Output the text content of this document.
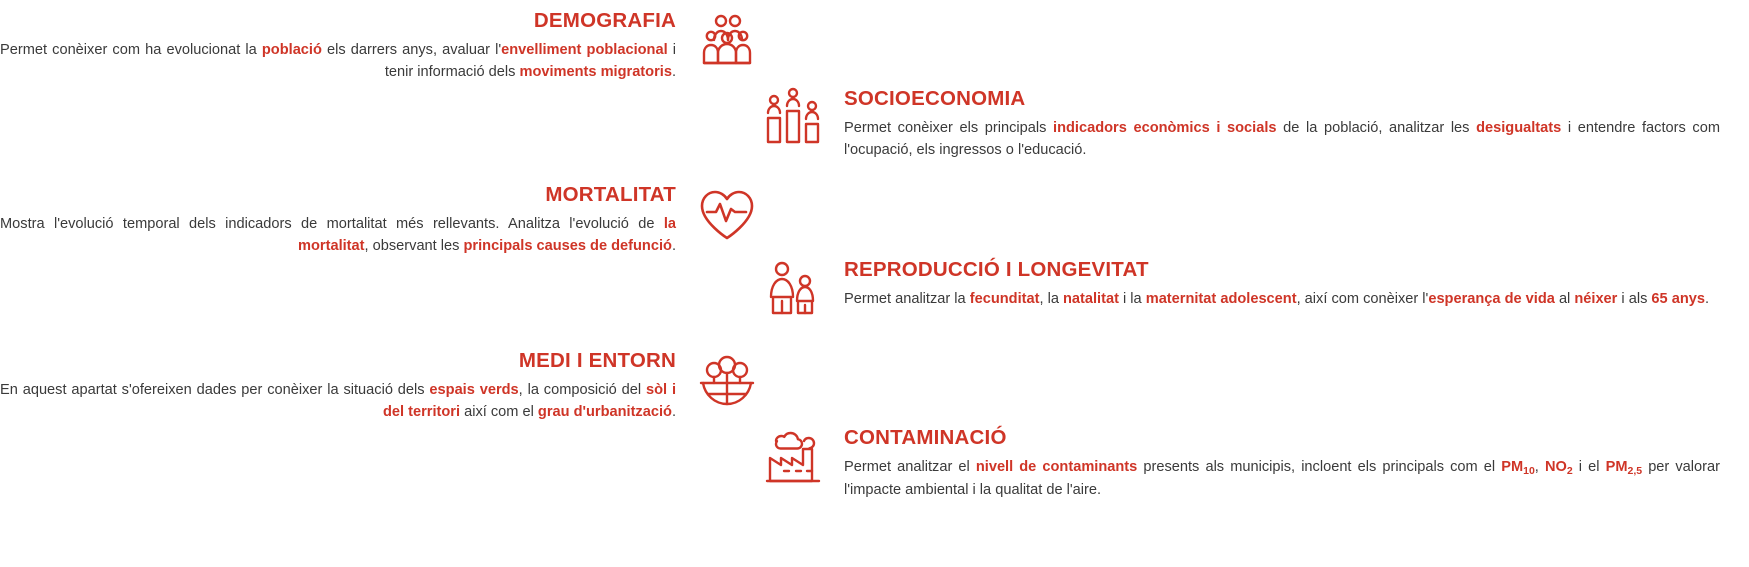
DEMOGRAFIA
Permet conèixer com ha evolucionat la població els darrers anys, avaluar l'envelliment poblacional i tenir informació dels moviments migratoris.
SOCIOECONOMIA
Permet conèixer els principals indicadors econòmics i socials de la població, analitzar les desigualtats i entendre factors com l'ocupació, els ingressos o l'educació.
MORTALITAT
Mostra l'evolució temporal dels indicadors de mortalitat més rellevants. Analitza l'evolució de la mortalitat, observant les principals causes de defunció.
REPRODUCCIÓ I LONGEVITAT
Permet analitzar la fecunditat, la natalitat i la maternitat adolescent, així com conèixer l'esperança de vida al néixer i als 65 anys.
MEDI I ENTORN
En aquest apartat s'ofereixen dades per conèixer la situació dels espais verds, la composició del sòl i del territori així com el grau d'urbanització.
CONTAMINACIÓ
Permet analitzar el nivell de contaminants presents als municipis, incloent els principals com el $PM_{10}$, $NO_2$ i el $PM_{2,5}$ per valorar l'impacte ambiental i la qualitat de l'aire.
